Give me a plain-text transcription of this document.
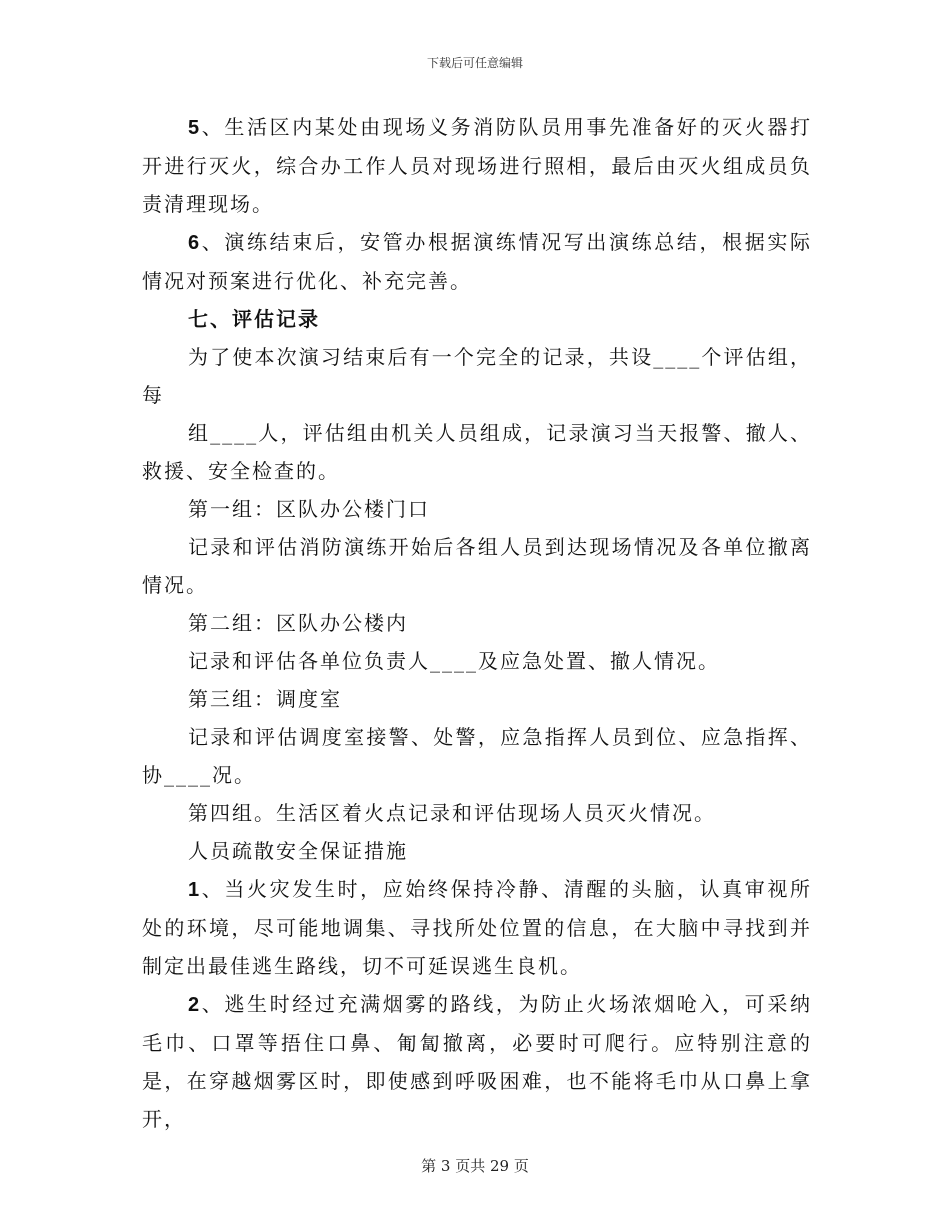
下载后可任意编辑

5、生活区内某处由现场义务消防队员用事先准备好的灭火器打开进行灭火，综合办工作人员对现场进行照相，最后由灭火组成员负责清理现场。

6、演练结束后，安管办根据演练情况写出演练总结，根据实际情况对预案进行优化、补充完善。

七、评估记录

为了使本次演习结束后有一个完全的记录，共设____个评估组，每

组____人，评估组由机关人员组成，记录演习当天报警、撤人、救援、安全检查的。

第一组：区队办公楼门口

记录和评估消防演练开始后各组人员到达现场情况及各单位撤离情况。

第二组：区队办公楼内

记录和评估各单位负责人____及应急处置、撤人情况。

第三组：调度室

记录和评估调度室接警、处警，应急指挥人员到位、应急指挥、协____况。

第四组。生活区着火点记录和评估现场人员灭火情况。

人员疏散安全保证措施

1、当火灾发生时，应始终保持冷静、清醒的头脑，认真审视所处的环境，尽可能地调集、寻找所处位置的信息，在大脑中寻找到并制定出最佳逃生路线，切不可延误逃生良机。

2、逃生时经过充满烟雾的路线，为防止火场浓烟呛入，可采纳毛巾、口罩等捂住口鼻、匍匐撤离，必要时可爬行。应特别注意的是，在穿越烟雾区时，即使感到呼吸困难，也不能将毛巾从口鼻上拿开，

第 3 页共 29 页
